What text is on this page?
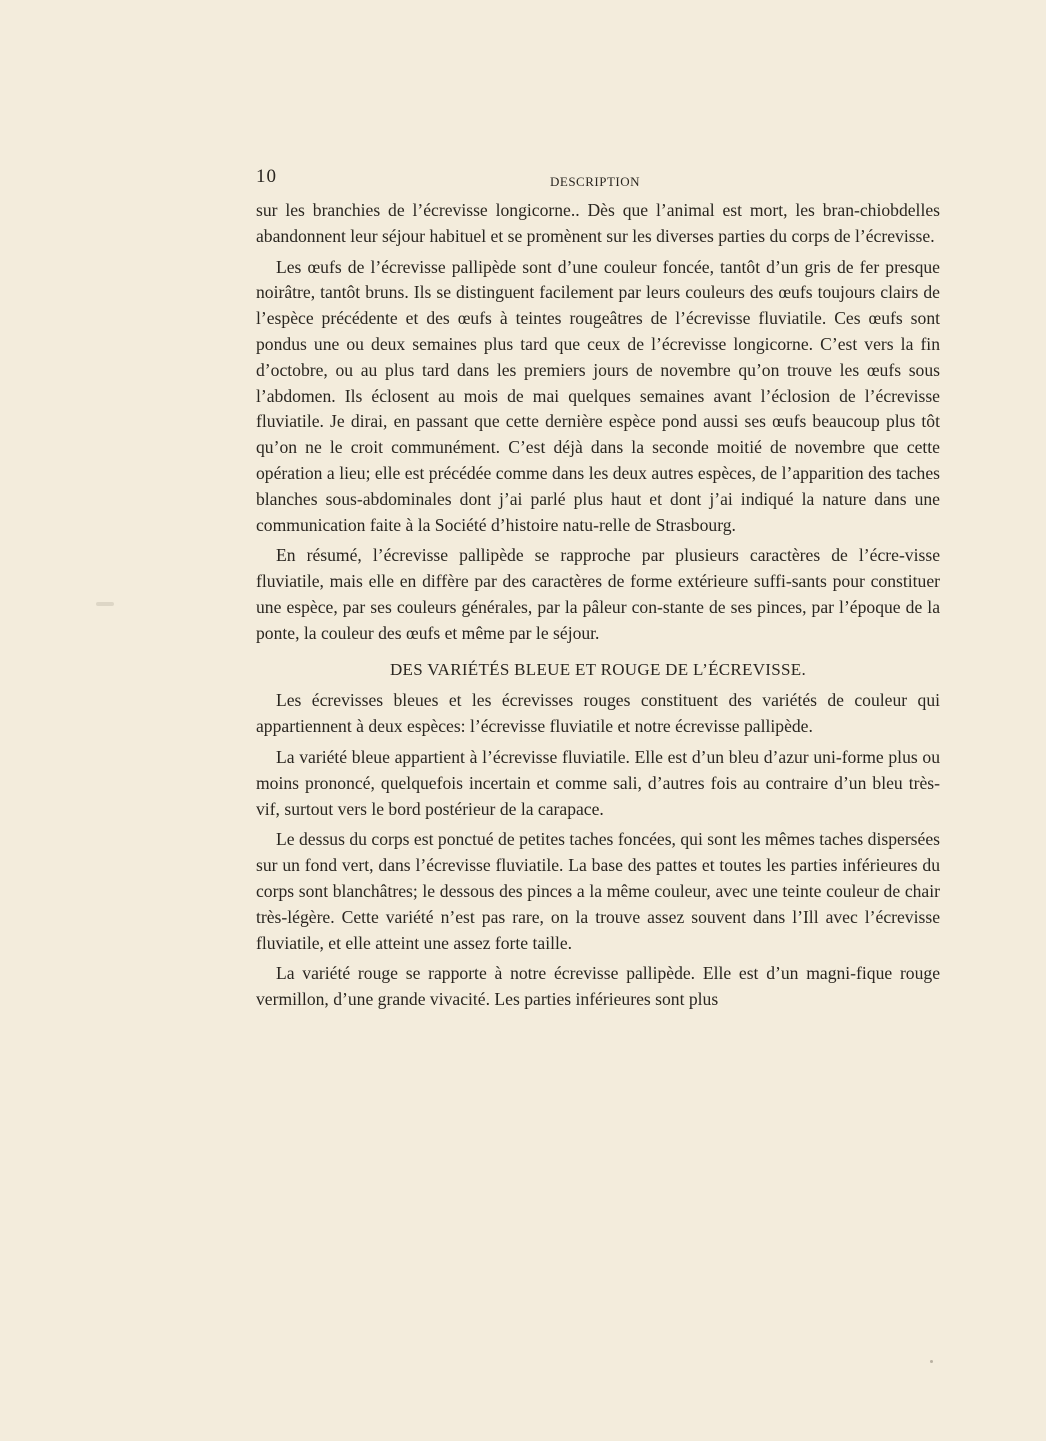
10	DESCRIPTION

sur les branchies de l’écrevisse longicorne.. Dès que l’animal est mort, les bran-chiobdelles abandonnent leur séjour habituel et se promènent sur les diverses parties du corps de l’écrevisse.

Les œufs de l’écrevisse pallipède sont d’une couleur foncée, tantôt d’un gris de fer presque noirâtre, tantôt bruns. Ils se distinguent facilement par leurs couleurs des œufs toujours clairs de l’espèce précédente et des œufs à teintes rougeâtres de l’écrevisse fluviatile. Ces œufs sont pondus une ou deux semaines plus tard que ceux de l’écrevisse longicorne. C’est vers la fin d’octobre, ou au plus tard dans les premiers jours de novembre qu’on trouve les œufs sous l’abdomen. Ils éclosent au mois de mai quelques semaines avant l’éclosion de l’écrevisse fluviatile. Je dirai, en passant que cette dernière espèce pond aussi ses œufs beaucoup plus tôt qu’on ne le croit communément. C’est déjà dans la seconde moitié de novembre que cette opération a lieu; elle est précédée comme dans les deux autres espèces, de l’apparition des taches blanches sous-abdominales dont j’ai parlé plus haut et dont j’ai indiqué la nature dans une communication faite à la Société d’histoire natu-relle de Strasbourg.

En résumé, l’écrevisse pallipède se rapproche par plusieurs caractères de l’écre-visse fluviatile, mais elle en diffère par des caractères de forme extérieure suffi-sants pour constituer une espèce, par ses couleurs générales, par la pâleur con-stante de ses pinces, par l’époque de la ponte, la couleur des œufs et même par le séjour.

DES VARIÉTÉS BLEUE ET ROUGE DE L’ÉCREVISSE.

Les écrevisses bleues et les écrevisses rouges constituent des variétés de couleur qui appartiennent à deux espèces: l’écrevisse fluviatile et notre écrevisse pallipède.

La variété bleue appartient à l’écrevisse fluviatile. Elle est d’un bleu d’azur uni-forme plus ou moins prononcé, quelquefois incertain et comme sali, d’autres fois au contraire d’un bleu très-vif, surtout vers le bord postérieur de la carapace.

Le dessus du corps est ponctué de petites taches foncées, qui sont les mêmes taches dispersées sur un fond vert, dans l’écrevisse fluviatile. La base des pattes et toutes les parties inférieures du corps sont blanchâtres; le dessous des pinces a la même couleur, avec une teinte couleur de chair très-légère. Cette variété n’est pas rare, on la trouve assez souvent dans l’Ill avec l’écrevisse fluviatile, et elle atteint une assez forte taille.

La variété rouge se rapporte à notre écrevisse pallipède. Elle est d’un magni-fique rouge vermillon, d’une grande vivacité. Les parties inférieures sont plus
